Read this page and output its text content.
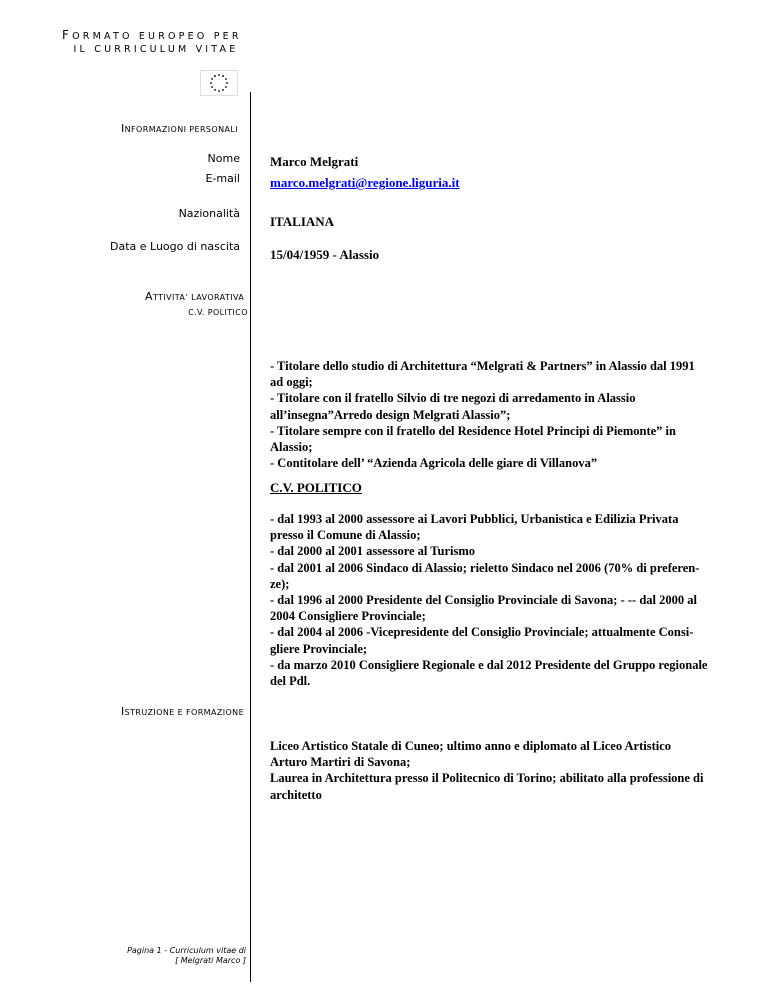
FORMATO EUROPEO PER
IL CURRICULUM VITAE
INFORMAZIONI PERSONALI
Nome Marco Melgrati
E-mail marco.melgrati@regione.liguria.it
Nazionalità
ITALIANA
Data e Luogo di nascita
15/04/1959 - Alassio
ATTIVITA’ LAVORATIVA
C.V. POLITICO
- Titolare dello studio di Architettura “Melgrati & Partners” in Alassio dal 1991
ad oggi;
- Titolare con il fratello Silvio di tre negozi di arredamento in Alassio
all’insegna”Arredo design Melgrati Alassio”;
- Titolare sempre con il fratello del Residence Hotel Principi di Piemonte” in
Alassio;
- Contitolare dell’ “Azienda Agricola delle giare di Villanova”
C.V. POLITICO
- dal 1993 al 2000 assessore ai Lavori Pubblici, Urbanistica e Edilizia Privata
presso il Comune di Alassio;
- dal 2000 al 2001 assessore al Turismo
- dal 2001 al 2006 Sindaco di Alassio; rieletto Sindaco nel 2006 (70% di preferen-
ze);
- dal 1996 al 2000 Presidente del Consiglio Provinciale di Savona; - -- dal 2000 al
2004 Consigliere Provinciale;
- dal 2004 al 2006 -Vicepresidente del Consiglio Provinciale; attualmente Consi-
gliere Provinciale;
- da marzo 2010 Consigliere Regionale e dal 2012 Presidente del Gruppo regionale
del Pdl.
ISTRUZIONE E FORMAZIONE
Liceo Artistico Statale di Cuneo; ultimo anno e diplomato al Liceo Artistico
Arturo Martiri di Savona;
Laurea in Architettura presso il Politecnico di Torino; abilitato alla professione di
architetto
Pagina 1 - Curriculum vitae di
[ Melgrati Marco ]
